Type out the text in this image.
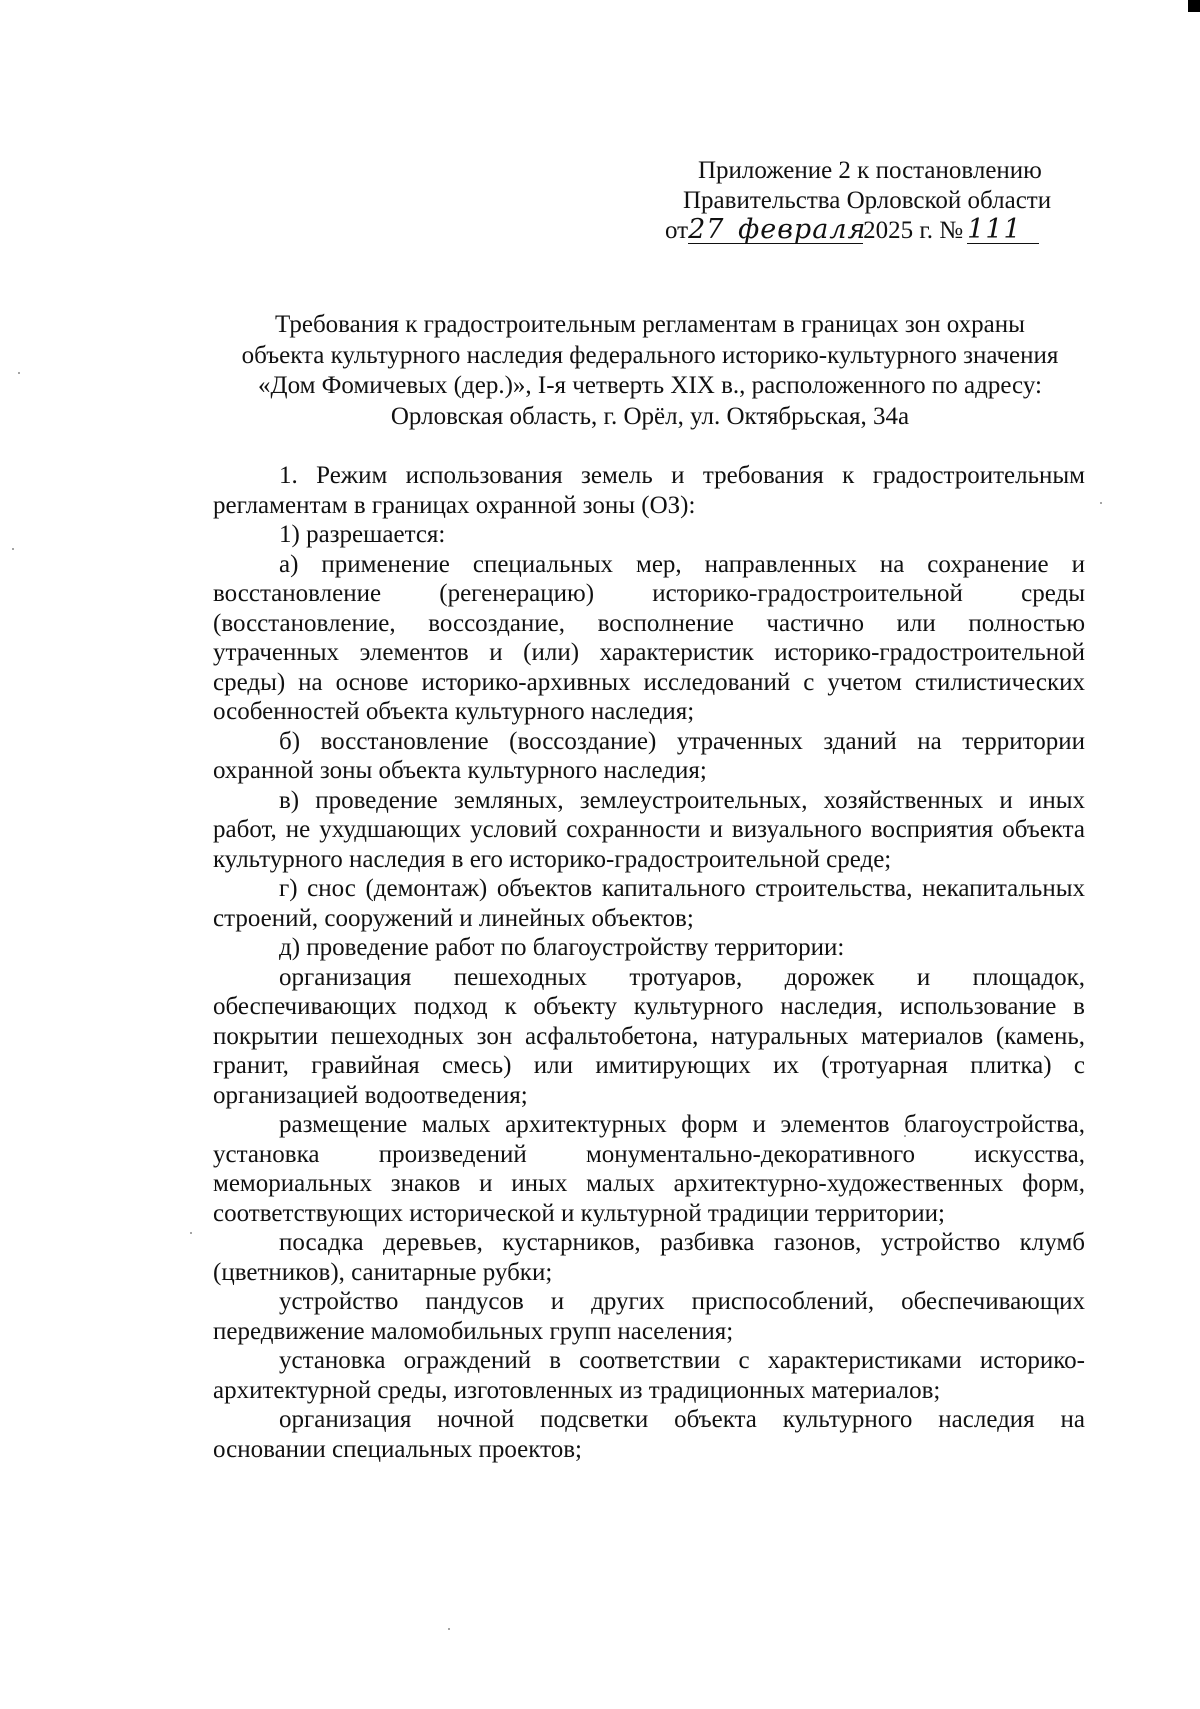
Приложение 2 к постановлению
Правительства Орловской области
от27 февраля2025 г. № 111
Требования к градостроительным регламентам в границах зон охраны
объекта культурного наследия федерального историко-культурного значения
«Дом Фомичевых (дер.)», I-я четверть XIX в., расположенного по адресу:
Орловская область, г. Орёл, ул. Октябрьская, 34а

1. Режим использования земель и требования к градостроительным регламентам в границах охранной зоны (ОЗ):

1) разрешается:

а) применение специальных мер, направленных на сохранение и восстановление (регенерацию) историко-градостроительной среды (восстановление, воссоздание, восполнение частично или полностью утраченных элементов и (или) характеристик историко-градостроительной среды) на основе историко-архивных исследований с учетом стилистических особенностей объекта культурного наследия;

б) восстановление (воссоздание) утраченных зданий на территории охранной зоны объекта культурного наследия;

в) проведение земляных, землеустроительных, хозяйственных и иных работ, не ухудшающих условий сохранности и визуального восприятия объекта культурного наследия в его историко-градостроительной среде;

г) снос (демонтаж) объектов капитального строительства, некапитальных строений, сооружений и линейных объектов;

д) проведение работ по благоустройству территории:

организация пешеходных тротуаров, дорожек и площадок, обеспечивающих подход к объекту культурного наследия, использование в покрытии пешеходных зон асфальтобетона, натуральных материалов (камень, гранит, гравийная смесь) или имитирующих их (тротуарная плитка) с организацией водоотведения;

размещение малых архитектурных форм и элементов благоустройства, установка произведений монументально-декоративного искусства, мемориальных знаков и иных малых архитектурно-художественных форм, соответствующих исторической и культурной традиции территории;

посадка деревьев, кустарников, разбивка газонов, устройство клумб (цветников), санитарные рубки;

устройство пандусов и других приспособлений, обеспечивающих передвижение маломобильных групп населения;

установка ограждений в соответствии с характеристиками историко-архитектурной среды, изготовленных из традиционных материалов;

организация ночной подсветки объекта культурного наследия на основании специальных проектов;
